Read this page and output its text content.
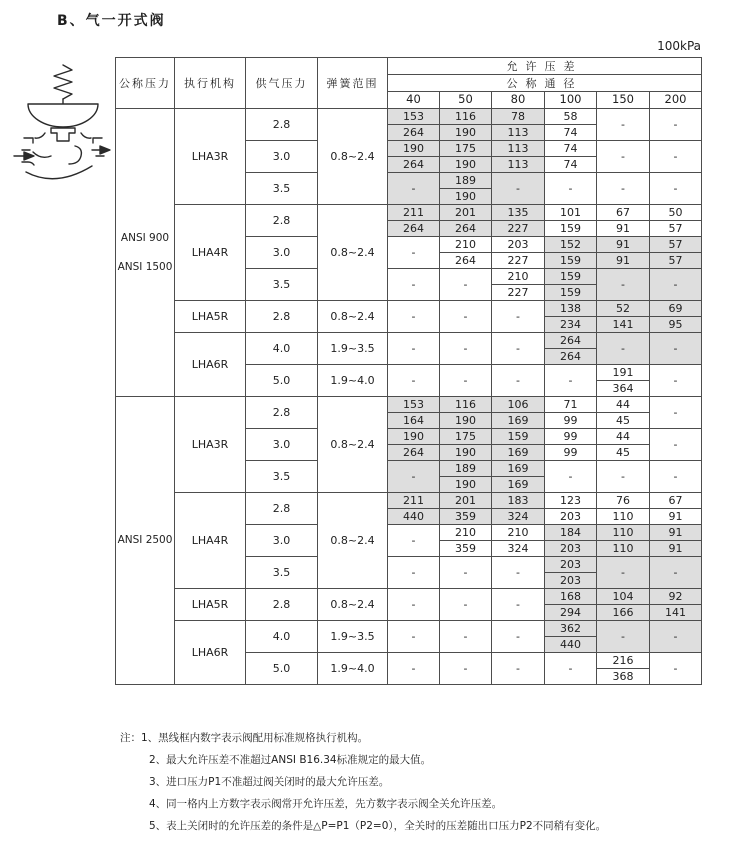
B、气一开式阀
100kPa
公称压力	执行机构	供气压力	弹簧范围	允许压差					
				公称通径					
				40	50	80	100	150	200

ANSI 900
ANSI 1500	LHA3R	2.8	0.8~2.4	153	116	78	58	-	-
				264	190	113	74		
		3.0		190	175	113	74	-	-
				264	190	113	74		
		3.5		-	189	-	-	-	-
					190				
	LHA4R	2.8	0.8~2.4	211	201	135	101	67	50
				264	264	227	159	91	57
		3.0		-	210	203	152	91	57
					264	227	159	91	57
		3.5		-	-	210	159	-	-
						227	159		
	LHA5R	2.8	0.8~2.4	-	-	-	138	52	69
							234	141	95
	LHA6R	4.0	1.9~3.5	-	-	-	264	-	-
							264		
		5.0	1.9~4.0	-	-	-	-	191	-
								364	

ANSI 2500	LHA3R	2.8	0.8~2.4	153	116	106	71	44	-
				164	190	169	99	45	
		3.0		190	175	159	99	44	-
				264	190	169	99	45	
		3.5		-	189	169	-	-	-
					190	169			
	LHA4R	2.8	0.8~2.4	211	201	183	123	76	67
				440	359	324	203	110	91
		3.0		-	210	210	184	110	91
					359	324	203	110	91
		3.5		-	-	-	203	-	-
							203		
	LHA5R	2.8	0.8~2.4	-	-	-	168	104	92
							294	166	141
	LHA6R	4.0	1.9~3.5	-	-	-	362	-	-
							440		
		5.0	1.9~4.0	-	-	-	-	216	-
								368	
注：1、黑线框内数字表示阀配用标准规格执行机构。
2、最大允许压差不准超过ANSI B16.34标准规定的最大值。
3、进口压力P1不准超过阀关闭时的最大允许压差。
4、同一格内上方数字表示阀常开允许压差，先方数字表示阀全关允许压差。
5、表上关闭时的允许压差的条件是△P=P1（P2=0），全关时的压差随出口压力P2不同稍有变化。
